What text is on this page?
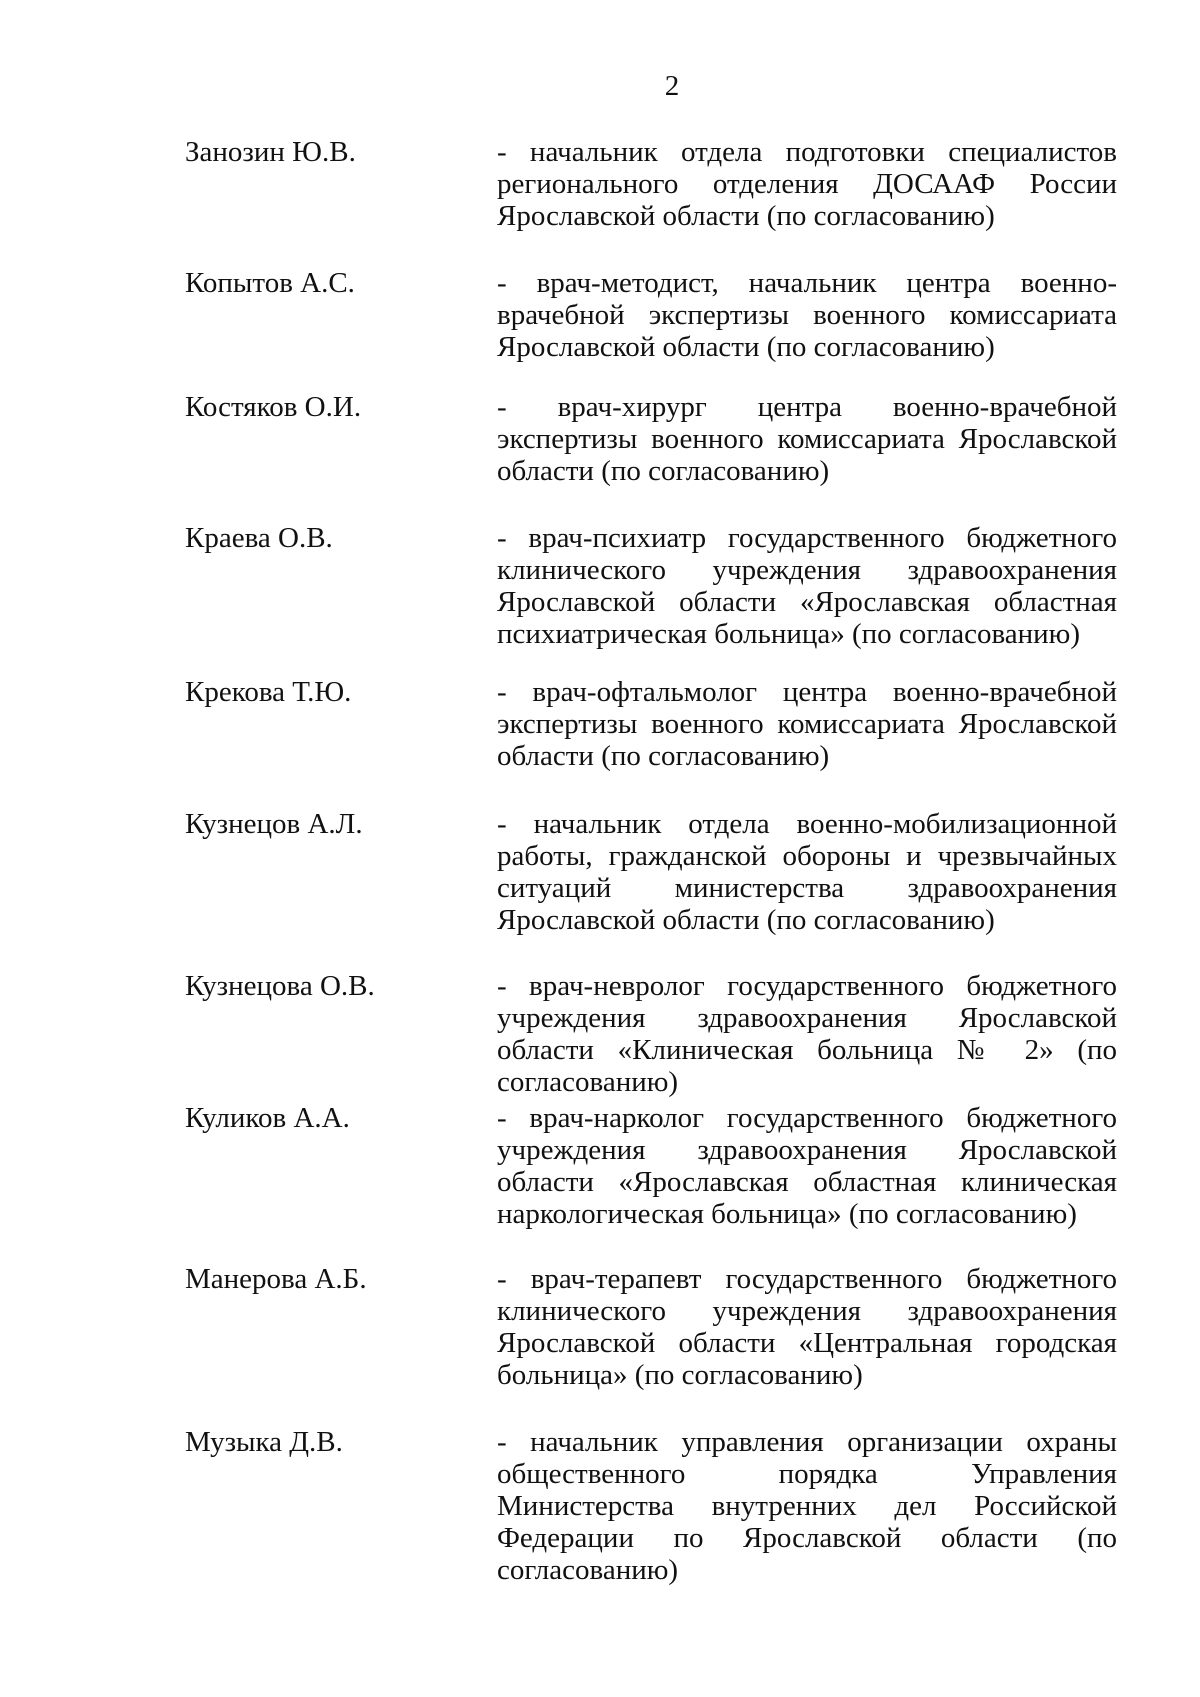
2
Занозин Ю.В.	- начальник отдела подготовки специалистов регионального отделения ДОСААФ России Ярославской области (по согласованию)
Копытов А.С.	- врач-методист, начальник центра военно-врачебной экспертизы военного комиссариата Ярославской области (по согласованию)
Костяков О.И.	- врач-хирург центра военно-врачебной экспертизы военного комиссариата Ярославской области (по согласованию)
Краева О.В.	- врач-психиатр государственного бюджетного клинического учреждения здравоохранения Ярославской области «Ярославская областная психиатрическая больница» (по согласованию)
Крекова Т.Ю.	- врач-офтальмолог центра военно-врачебной экспертизы военного комиссариата Ярославской области (по согласованию)
Кузнецов А.Л.	- начальник отдела военно-мобилизационной работы, гражданской обороны и чрезвычайных ситуаций министерства здравоохранения Ярославской области (по согласованию)
Кузнецова О.В.	- врач-невролог государственного бюджетного учреждения здравоохранения Ярославской области «Клиническая больница № 2» (по согласованию)
Куликов А.А.	- врач-нарколог государственного бюджетного учреждения здравоохранения Ярославской области «Ярославская областная клиническая наркологическая больница» (по согласованию)
Манерова А.Б.	- врач-терапевт государственного бюджетного клинического учреждения здравоохранения Ярославской области «Центральная городская больница» (по согласованию)
Музыка Д.В.	- начальник управления организации охраны общественного порядка Управления Министерства внутренних дел Российской Федерации по Ярославской области (по согласованию)
